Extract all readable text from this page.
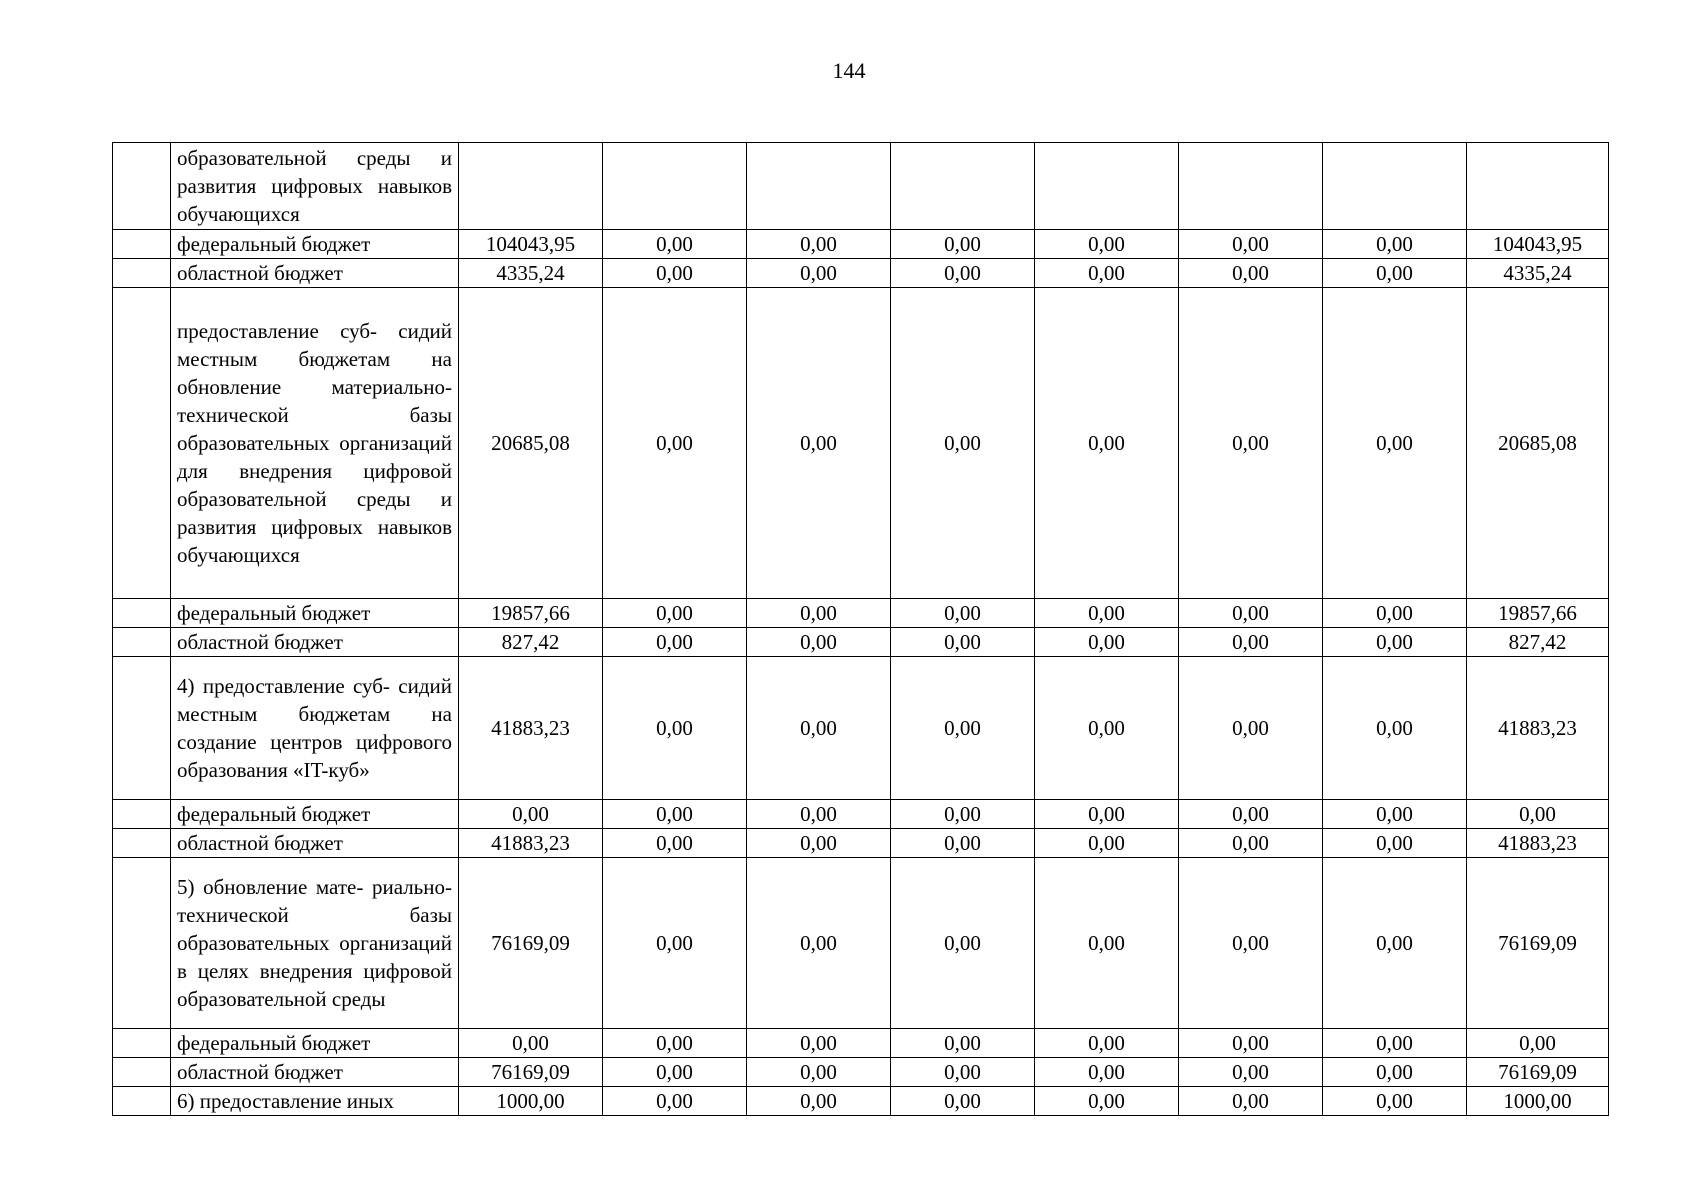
144
	образовательной среды и развития цифровых навыков обучающихся								
	федеральный бюджет	104043,95	0,00	0,00	0,00	0,00	0,00	0,00	104043,95
	областной бюджет	4335,24	0,00	0,00	0,00	0,00	0,00	0,00	4335,24
	предоставление суб- сидий местным бюджетам на обновление материально- технической базы образовательных организаций для внедрения цифровой образовательной среды и развития цифровых навыков обучающихся	20685,08	0,00	0,00	0,00	0,00	0,00	0,00	20685,08
	федеральный бюджет	19857,66	0,00	0,00	0,00	0,00	0,00	0,00	19857,66
	областной бюджет	827,42	0,00	0,00	0,00	0,00	0,00	0,00	827,42
	4) предоставление суб- сидий местным бюджетам на создание центров цифрового образования «IT-куб»	41883,23	0,00	0,00	0,00	0,00	0,00	0,00	41883,23
	федеральный бюджет	0,00	0,00	0,00	0,00	0,00	0,00	0,00	0,00
	областной бюджет	41883,23	0,00	0,00	0,00	0,00	0,00	0,00	41883,23
	5) обновление мате- риально-технической базы образовательных организаций в целях внедрения цифровой образовательной среды	76169,09	0,00	0,00	0,00	0,00	0,00	0,00	76169,09
	федеральный бюджет	0,00	0,00	0,00	0,00	0,00	0,00	0,00	0,00
	областной бюджет	76169,09	0,00	0,00	0,00	0,00	0,00	0,00	76169,09
	6) предоставление иных	1000,00	0,00	0,00	0,00	0,00	0,00	0,00	1000,00
